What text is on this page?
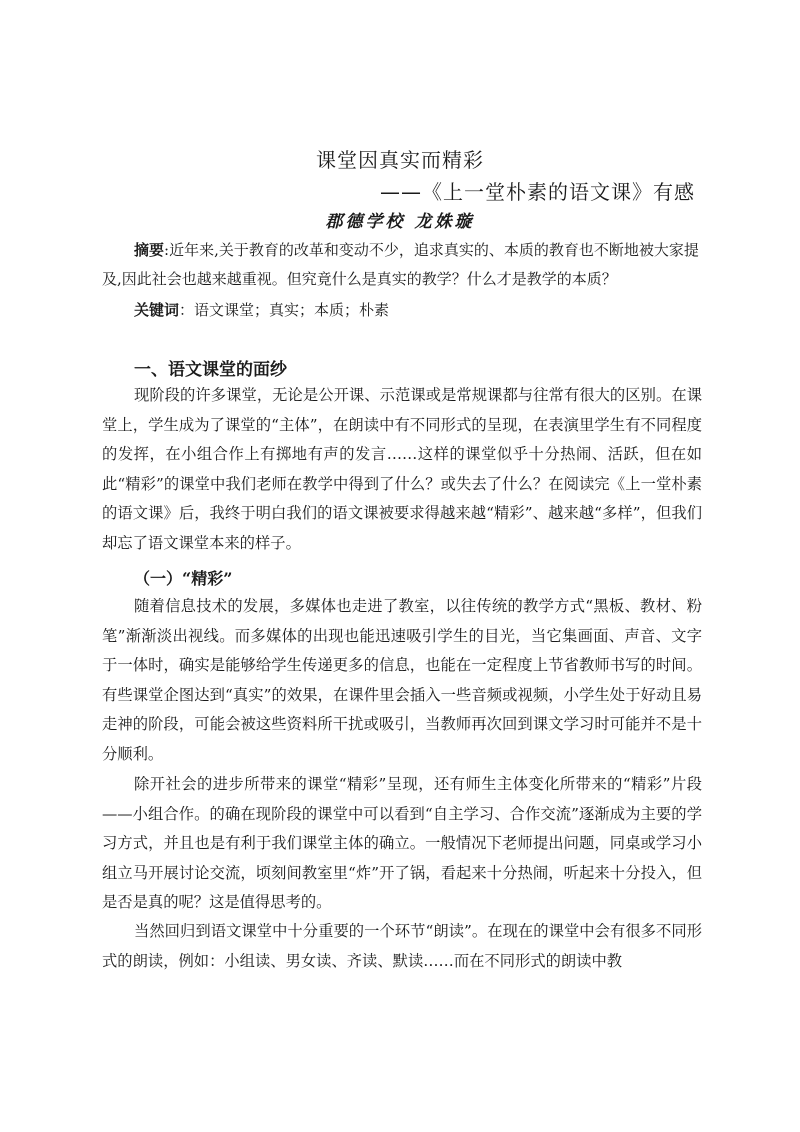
课堂因真实而精彩
——《上一堂朴素的语文课》有感
郡德学校 龙姝璇
摘要:近年来,关于教育的改革和变动不少，追求真实的、本质的教育也不断地被大家提及,因此社会也越来越重视。但究竟什么是真实的教学？什么才是教学的本质？
关键词：语文课堂；真实；本质；朴素
一、语文课堂的面纱
现阶段的许多课堂，无论是公开课、示范课或是常规课都与往常有很大的区别。在课堂上，学生成为了课堂的“主体”，在朗读中有不同形式的呈现，在表演里学生有不同程度的发挥，在小组合作上有掷地有声的发言……这样的课堂似乎十分热闹、活跃，但在如此“精彩”的课堂中我们老师在教学中得到了什么？或失去了什么？在阅读完《上一堂朴素的语文课》后，我终于明白我们的语文课被要求得越来越“精彩”、越来越“多样”，但我们却忘了语文课堂本来的样子。
（一）“精彩”
随着信息技术的发展，多媒体也走进了教室，以往传统的教学方式“黑板、教材、粉笔”渐渐淡出视线。而多媒体的出现也能迅速吸引学生的目光，当它集画面、声音、文字于一体时，确实是能够给学生传递更多的信息，也能在一定程度上节省教师书写的时间。有些课堂企图达到“真实”的效果，在课件里会插入一些音频或视频，小学生处于好动且易走神的阶段，可能会被这些资料所干扰或吸引，当教师再次回到课文学习时可能并不是十分顺利。
除开社会的进步所带来的课堂“精彩”呈现，还有师生主体变化所带来的“精彩”片段——小组合作。的确在现阶段的课堂中可以看到“自主学习、合作交流”逐渐成为主要的学习方式，并且也是有利于我们课堂主体的确立。一般情况下老师提出问题，同桌或学习小组立马开展讨论交流，顷刻间教室里“炸”开了锅，看起来十分热闹，听起来十分投入，但是否是真的呢？这是值得思考的。
当然回归到语文课堂中十分重要的一个环节“朗读”。在现在的课堂中会有很多不同形式的朗读，例如：小组读、男女读、齐读、默读……而在不同形式的朗读中教
